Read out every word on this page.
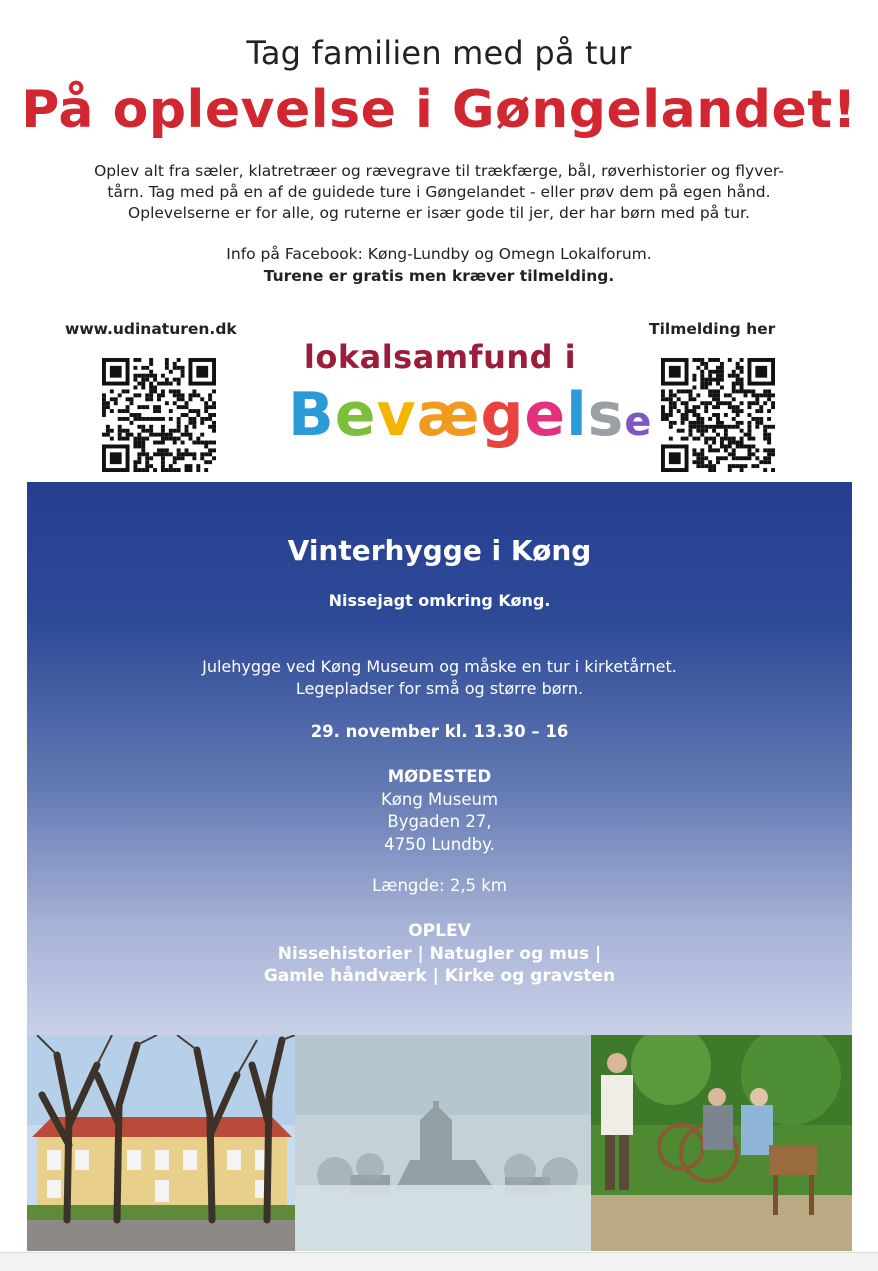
Tag familien med på tur
På oplevelse i Gøngelandet!

Oplev alt fra sæler, klatretræer og rævegrave til trækfærge, bål, røverhistorier og flyver-

tårn. Tag med på en af de guidede ture i Gøngelandet - eller prøv dem på egen hånd.

Oplevelserne er for alle, og ruterne er især gode til jer, der har børn med på tur.

Info på Facebook: Køng-Lundby og Omegn Lokalforum.
Turene er gratis men kræver tilmelding.
www.udinaturen.dk	Tilmelding her
lokalsamfund i
Bevægelse
Vinterhygge i Køng
Nissejagt omkring Køng.
Julehygge ved Køng Museum og måske en tur i kirketårnet.
Legepladser for små og større børn.
29. november kl. 13.30 – 16
MØDESTED
Køng Museum
Bygaden 27,
4750 Lundby.
Længde: 2,5 km
OPLEV
Nissehistorier | Natugler og mus |
Gamle håndværk | Kirke og gravsten
